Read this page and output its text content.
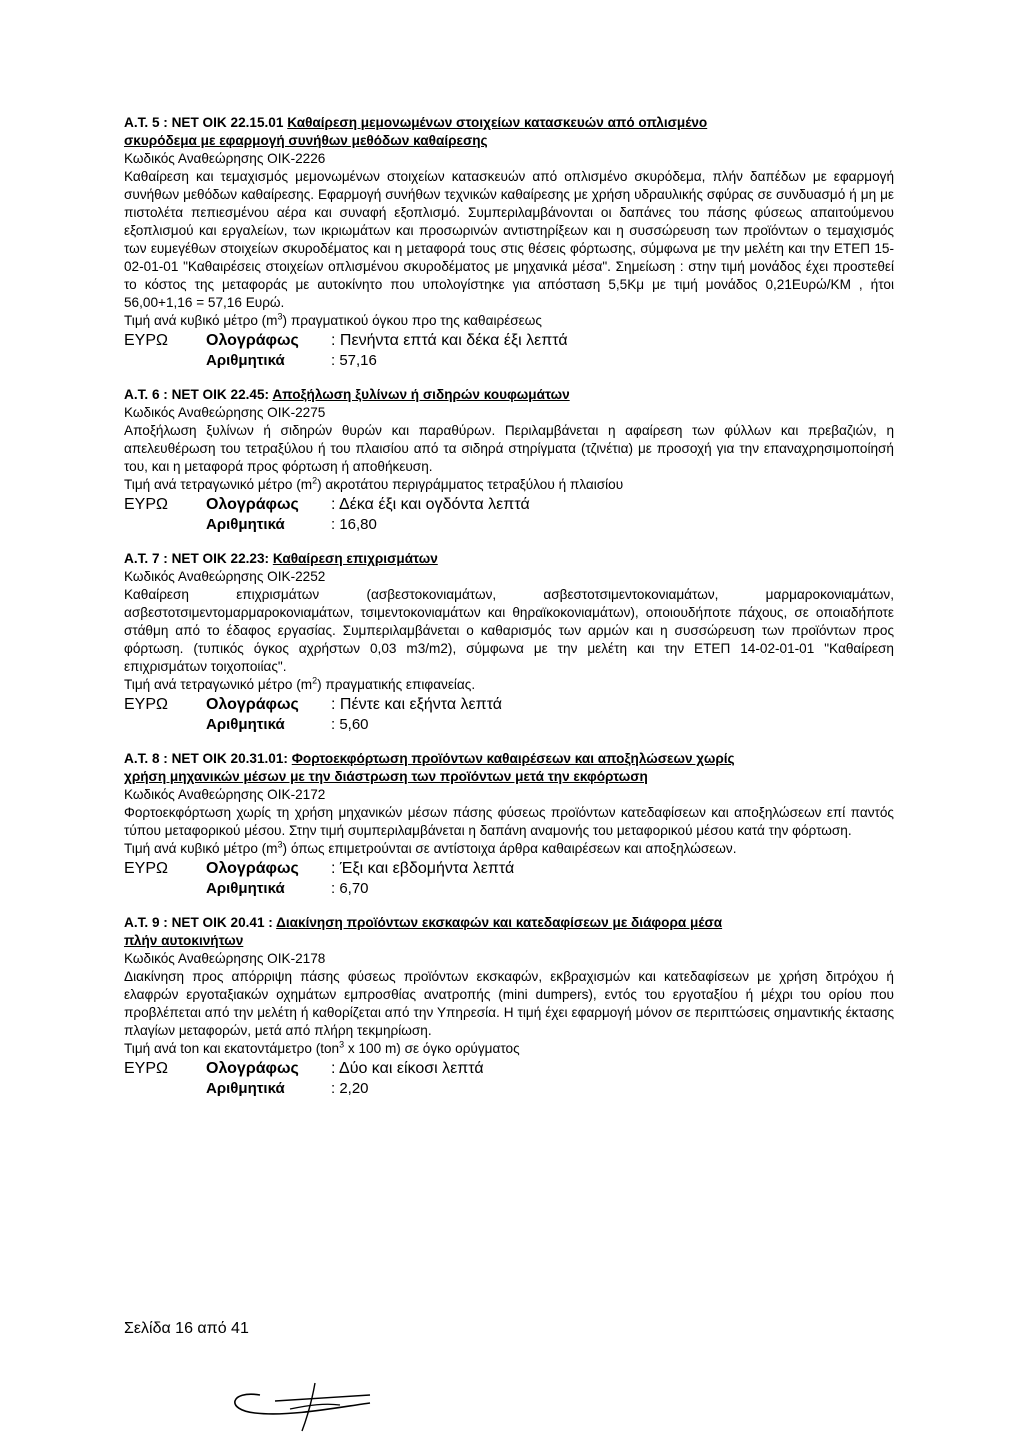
Α.Τ. 5 : ΝΕΤ ΟΙΚ 22.15.01 Καθαίρεση μεμονωμένων στοιχείων κατασκευών από οπλισμένο
σκυρόδεμα με εφαρμογή συνήθων μεθόδων καθαίρεσης
Κωδικός Αναθεώρησης ΟΙΚ-2226
Καθαίρεση και τεμαχισμός μεμονωμένων στοιχείων κατασκευών από οπλισμένο σκυρόδεμα, πλήν δαπέδων με εφαρμογή συνήθων μεθόδων καθαίρεσης. Εφαρμογή συνήθων τεχνικών καθαίρεσης με χρήση υδραυλικής σφύρας σε συνδυασμό ή μη με πιστολέτα πεπιεσμένου αέρα και συναφή εξοπλισμό. Συμπεριλαμβάνονται οι δαπάνες του πάσης φύσεως απαιτούμενου εξοπλισμού και εργαλείων, των ικριωμάτων και προσωρινών αντιστηρίξεων και η συσσώρευση των προϊόντων ο τεμαχισμός των ευμεγέθων στοιχείων σκυροδέματος και η μεταφορά τους στις θέσεις φόρτωσης, σύμφωνα με την μελέτη και την ΕΤΕΠ 15-02-01-01 "Καθαιρέσεις στοιχείων οπλισμένου σκυροδέματος με μηχανικά μέσα". Σημείωση : στην τιμή μονάδος έχει προστεθεί το κόστος της μεταφοράς με αυτοκίνητο που υπολογίστηκε για απόσταση 5,5Κμ με τιμή μονάδος 0,21Ευρώ/ΚΜ , ήτοι 56,00+1,16 = 57,16 Ευρώ.
Τιμή ανά κυβικό μέτρο $(m^3)$ πραγματικού όγκου προ της καθαιρέσεως
ΕΥΡΩ	Ολογράφως	: Πενήντα επτά και δέκα έξι λεπτά
Αριθμητικά	: 57,16
Α.Τ. 6 : ΝΕΤ ΟΙΚ 22.45: Αποξήλωση ξυλίνων ή σιδηρών κουφωμάτων
Κωδικός Αναθεώρησης ΟΙΚ-2275
Αποξήλωση ξυλίνων ή σιδηρών θυρών και παραθύρων. Περιλαμβάνεται η αφαίρεση των φύλλων και πρεβαζιών, η απελευθέρωση του τετραξύλου ή του πλαισίου από τα σιδηρά στηρίγματα (τζινέτια) με προσοχή για την επαναχρησιμοποίησή του, και η μεταφορά προς φόρτωση ή αποθήκευση.
Τιμή ανά τετραγωνικό μέτρο $(m^2)$ ακροτάτου περιγράμματος τετραξύλου ή πλαισίου
ΕΥΡΩ	Ολογράφως	: Δέκα έξι και ογδόντα λεπτά
Αριθμητικά	: 16,80
Α.Τ. 7 : ΝΕΤ ΟΙΚ 22.23: Καθαίρεση επιχρισμάτων
Κωδικός Αναθεώρησης ΟΙΚ-2252
Καθαίρεση επιχρισμάτων (ασβεστοκονιαμάτων, ασβεστοτσιμεντοκονιαμάτων, μαρμαροκονιαμάτων, ασβεστοτσιμεντομαρμαροκονιαμάτων, τσιμεντοκονιαμάτων και θηραϊκοκονιαμάτων), οποιουδήποτε πάχους, σε οποιαδήποτε στάθμη από το έδαφος εργασίας. Συμπεριλαμβάνεται ο καθαρισμός των αρμών και η συσσώρευση των προϊόντων προς φόρτωση. (τυπικός όγκος αχρήστων 0,03 m3/m2), σύμφωνα με την μελέτη και την ΕΤΕΠ 14-02-01-01 "Καθαίρεση επιχρισμάτων τοιχοποιίας".
Τιμή ανά τετραγωνικό μέτρο $(m^2)$ πραγματικής επιφανείας.
ΕΥΡΩ	Ολογράφως	: Πέντε και εξήντα λεπτά
Αριθμητικά	: 5,60
Α.Τ. 8 : ΝΕΤ ΟΙΚ 20.31.01: Φορτοεκφόρτωση προϊόντων καθαιρέσεων και αποξηλώσεων χωρίς
χρήση μηχανικών μέσων με την διάστρωση των προϊόντων μετά την εκφόρτωση
Κωδικός Αναθεώρησης ΟΙΚ-2172
Φορτοεκφόρτωση χωρίς τη χρήση μηχανικών μέσων πάσης φύσεως προϊόντων κατεδαφίσεων και αποξηλώσεων επί παντός τύπου μεταφορικού μέσου. Στην τιμή συμπεριλαμβάνεται η δαπάνη αναμονής του μεταφορικού μέσου κατά την φόρτωση.
Τιμή ανά κυβικό μέτρο $(m^3)$ όπως επιμετρούνται σε αντίστοιχα άρθρα καθαιρέσεων και αποξηλώσεων.
ΕΥΡΩ	Ολογράφως	: Έξι και εβδομήντα λεπτά
Αριθμητικά	: 6,70
Α.Τ. 9 : ΝΕΤ ΟΙΚ 20.41 : Διακίνηση προϊόντων εκσκαφών και κατεδαφίσεων με διάφορα μέσα
πλήν αυτοκινήτων
Κωδικός Αναθεώρησης ΟΙΚ-2178
Διακίνηση προς απόρριψη πάσης φύσεως προϊόντων εκσκαφών, εκβραχισμών και κατεδαφίσεων με χρήση διτρόχου ή ελαφρών εργοταξιακών οχημάτων εμπροσθίας ανατροπής (mini dumpers), εντός του εργοταξίου ή μέχρι του ορίου που προβλέπεται από την μελέτη ή καθορίζεται από την Υπηρεσία. Η τιμή έχει εφαρμογή μόνον σε περιπτώσεις σημαντικής έκτασης πλαγίων μεταφορών, μετά από πλήρη τεκμηρίωση.
Τιμή ανά ton και εκατοντάμετρο (ton$^3$ x 100 m) σε όγκο ορύγματος
ΕΥΡΩ	Ολογράφως	: Δύο και είκοσι λεπτά
Αριθμητικά	: 2,20
Σελίδα 16 από 41
